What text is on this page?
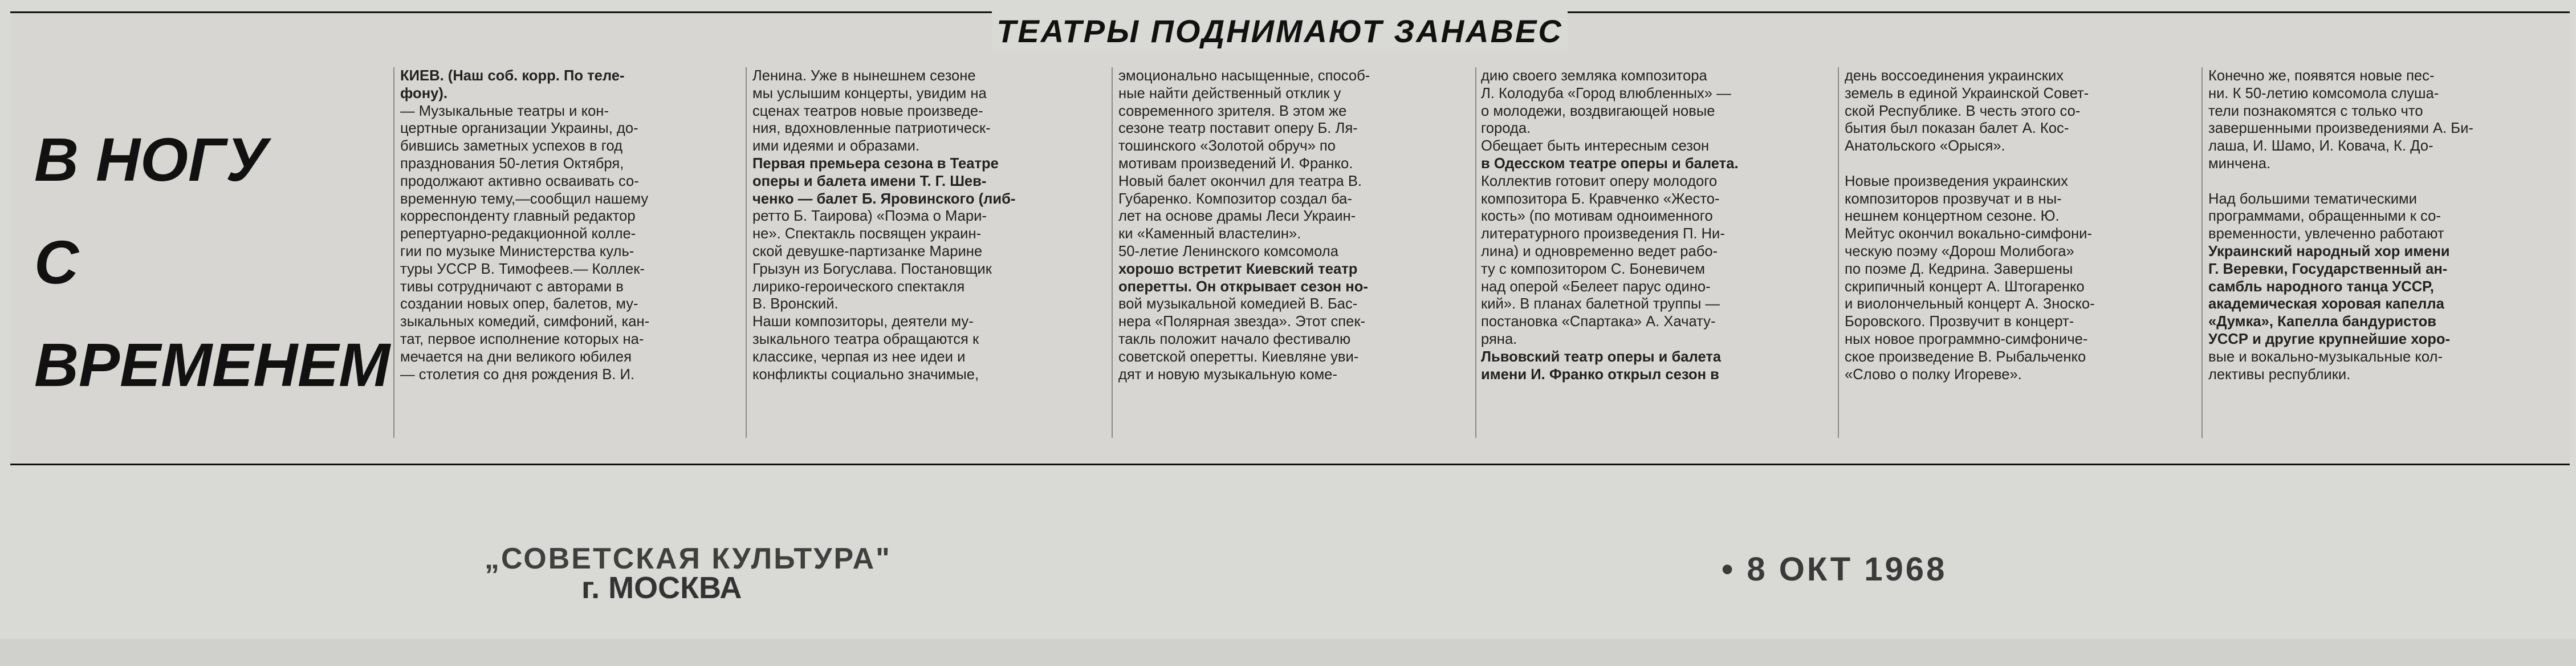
ТЕАТРЫ ПОДНИМАЮТ ЗАНАВЕС
В НОГУ
С
ВРЕМЕНЕМ
КИЕВ. (Наш соб. корр. По теле-
фону).
— Музыкальные театры и кон-
цертные организации Украины, до-
бившись заметных успехов в год
празднования 50-летия Октября,
продолжают активно осваивать со-
временную тему,—сообщил нашему
корреспонденту главный редактор
репертуарно-редакционной колле-
гии по музыке Министерства куль-
туры УССР В. Тимофеев.— Коллек-
тивы сотрудничают с авторами в
создании новых опер, балетов, му-
зыкальных комедий, симфоний, кан-
тат, первое исполнение которых на-
мечается на дни великого юбилея
— столетия со дня рождения В. И.
Ленина. Уже в нынешнем сезоне
мы услышим концерты, увидим на
сценах театров новые произведе-
ния, вдохновленные патриотическ-
ими идеями и образами.
Первая премьера сезона в Театре
оперы и балета имени Т. Г. Шев-
ченко — балет Б. Яровинского (либ-
ретто Б. Таирова) «Поэма о Мари-
не». Спектакль посвящен украин-
ской девушке-партизанке Марине
Грызун из Богуслава. Постановщик
лирико-героического спектакля
В. Вронский.
Наши композиторы, деятели му-
зыкального театра обращаются к
классике, черпая из нее идеи и
конфликты социально значимые,
эмоционально насыщенные, способ-
ные найти действенный отклик у
современного зрителя. В этом же
сезоне театр поставит оперу Б. Ля-
тошинского «Золотой обруч» по
мотивам произведений И. Франко.
Новый балет окончил для театра В.
Губаренко. Композитор создал ба-
лет на основе драмы Леси Украин-
ки «Каменный властелин».
50-летие Ленинского комсомола
хорошо встретит Киевский театр
оперетты. Он открывает сезон но-
вой музыкальной комедией В. Бас-
нера «Полярная звезда». Этот спек-
такль положит начало фестивалю
советской оперетты. Киевляне уви-
дят и новую музыкальную коме-
дию своего земляка композитора
Л. Колодуба «Город влюбленных» —
о молодежи, воздвигающей новые
города.
Обещает быть интересным сезон
в Одесском театре оперы и балета.
Коллектив готовит оперу молодого
композитора Б. Кравченко «Жесто-
кость» (по мотивам одноименного
литературного произведения П. Ни-
лина) и одновременно ведет рабо-
ту с композитором С. Боневичем
над оперой «Белеет парус одино-
кий». В планах балетной труппы —
постановка «Спартака» А. Хачату-
ряна.
Львовский театр оперы и балета
имени И. Франко открыл сезон в
день воссоединения украинских
земель в единой Украинской Совет-
ской Республике. В честь этого со-
бытия был показан балет А. Кос-
Анатольского «Орыся».

Новые произведения украинских
композиторов прозвучат и в ны-
нешнем концертном сезоне. Ю.
Мейтус окончил вокально-симфони-
ческую поэму «Дорош Молибога»
по поэме Д. Кедрина. Завершены
скрипичный концерт А. Штогаренко
и виолончельный концерт А. Зноско-
Боровского. Прозвучит в концерт-
ных новое программно-симфониче-
ское произведение В. Рыбальченко
«Слово о полку Игореве».
Конечно же, появятся новые пес-
ни. К 50-летию комсомола слуша-
тели познакомятся с только что
завершенными произведениями А. Би-
лаша, И. Шамо, И. Ковача, К. До-
минчена.

Над большими тематическими
программами, обращенными к со-
временности, увлеченно работают
Украинский народный хор имени
Г. Веревки, Государственный ан-
самбль народного танца УССР,
академическая хоровая капелла
«Думка», Капелла бандуристов
УССР и другие крупнейшие хоро-
вые и вокально-музыкальные кол-
лективы республики.
„СОВЕТСКАЯ КУЛЬТУРА"
г. МОСКВА	• 8 ОКТ 1968
